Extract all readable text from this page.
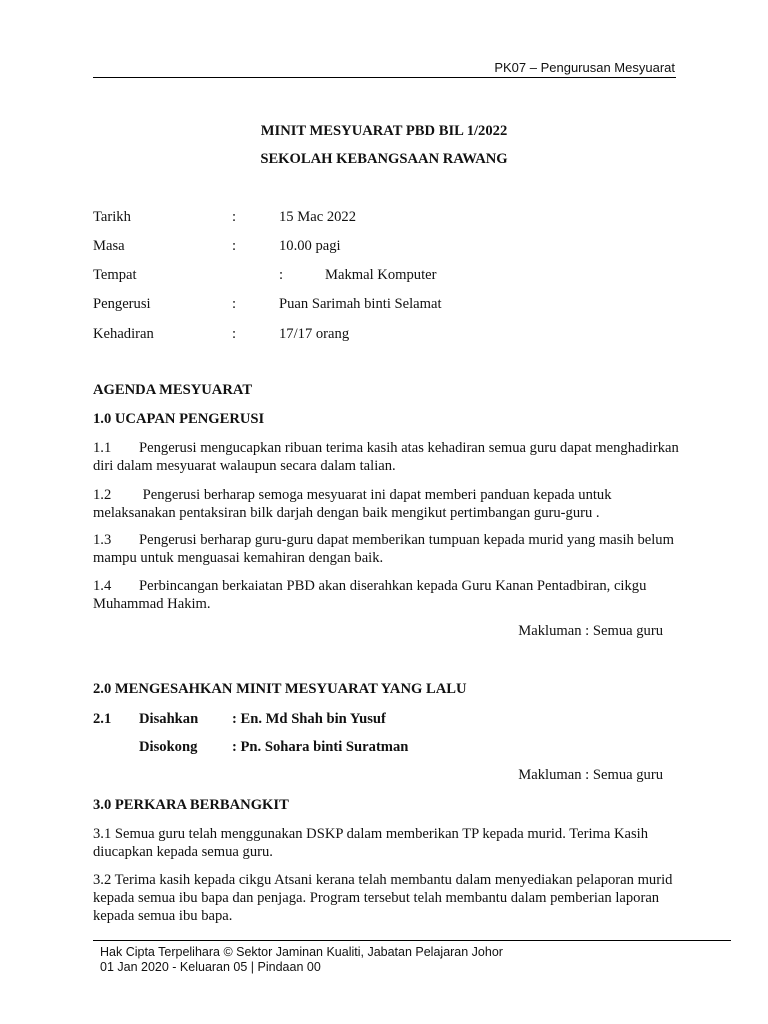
PK07 – Pengurusan Mesyuarat
MINIT MESYUARAT PBD BIL 1/2022
SEKOLAH KEBANGSAAN RAWANG
Tarikh	:	15 Mac 2022
Masa	:	10.00 pagi
Tempat	:	Makmal Komputer
Pengerusi	:	Puan Sarimah binti Selamat
Kehadiran	:	17/17 orang
AGENDA MESYUARAT
1.0 UCAPAN PENGERUSI
1.1 Pengerusi mengucapkan ribuan terima kasih atas kehadiran semua guru dapat menghadirkan diri dalam mesyuarat walaupun secara dalam talian.
1.2 Pengerusi berharap semoga mesyuarat ini dapat memberi panduan kepada untuk melaksanakan pentaksiran bilk darjah dengan baik mengikut pertimbangan guru-guru .
1.3 Pengerusi berharap guru-guru dapat memberikan tumpuan kepada murid yang masih belum mampu untuk menguasai kemahiran dengan baik.
1.4 Perbincangan berkaiatan PBD akan diserahkan kepada Guru Kanan Pentadbiran, cikgu Muhammad Hakim.
Makluman : Semua guru
2.0 MENGESAHKAN MINIT MESYUARAT YANG LALU
2.1 Disahkan : En. Md Shah bin Yusuf
Disokong : Pn. Sohara binti Suratman
Makluman : Semua guru
3.0 PERKARA BERBANGKIT
3.1 Semua guru telah menggunakan DSKP dalam memberikan TP kepada murid. Terima Kasih diucapkan kepada semua guru.
3.2 Terima kasih kepada cikgu Atsani kerana telah membantu dalam menyediakan pelaporan murid kepada semua ibu bapa dan penjaga. Program tersebut telah membantu dalam pemberian laporan kepada semua ibu bapa.
Hak Cipta Terpelihara © Sektor Jaminan Kualiti, Jabatan Pelajaran Johor
01 Jan 2020 - Keluaran 05 | Pindaan 00
